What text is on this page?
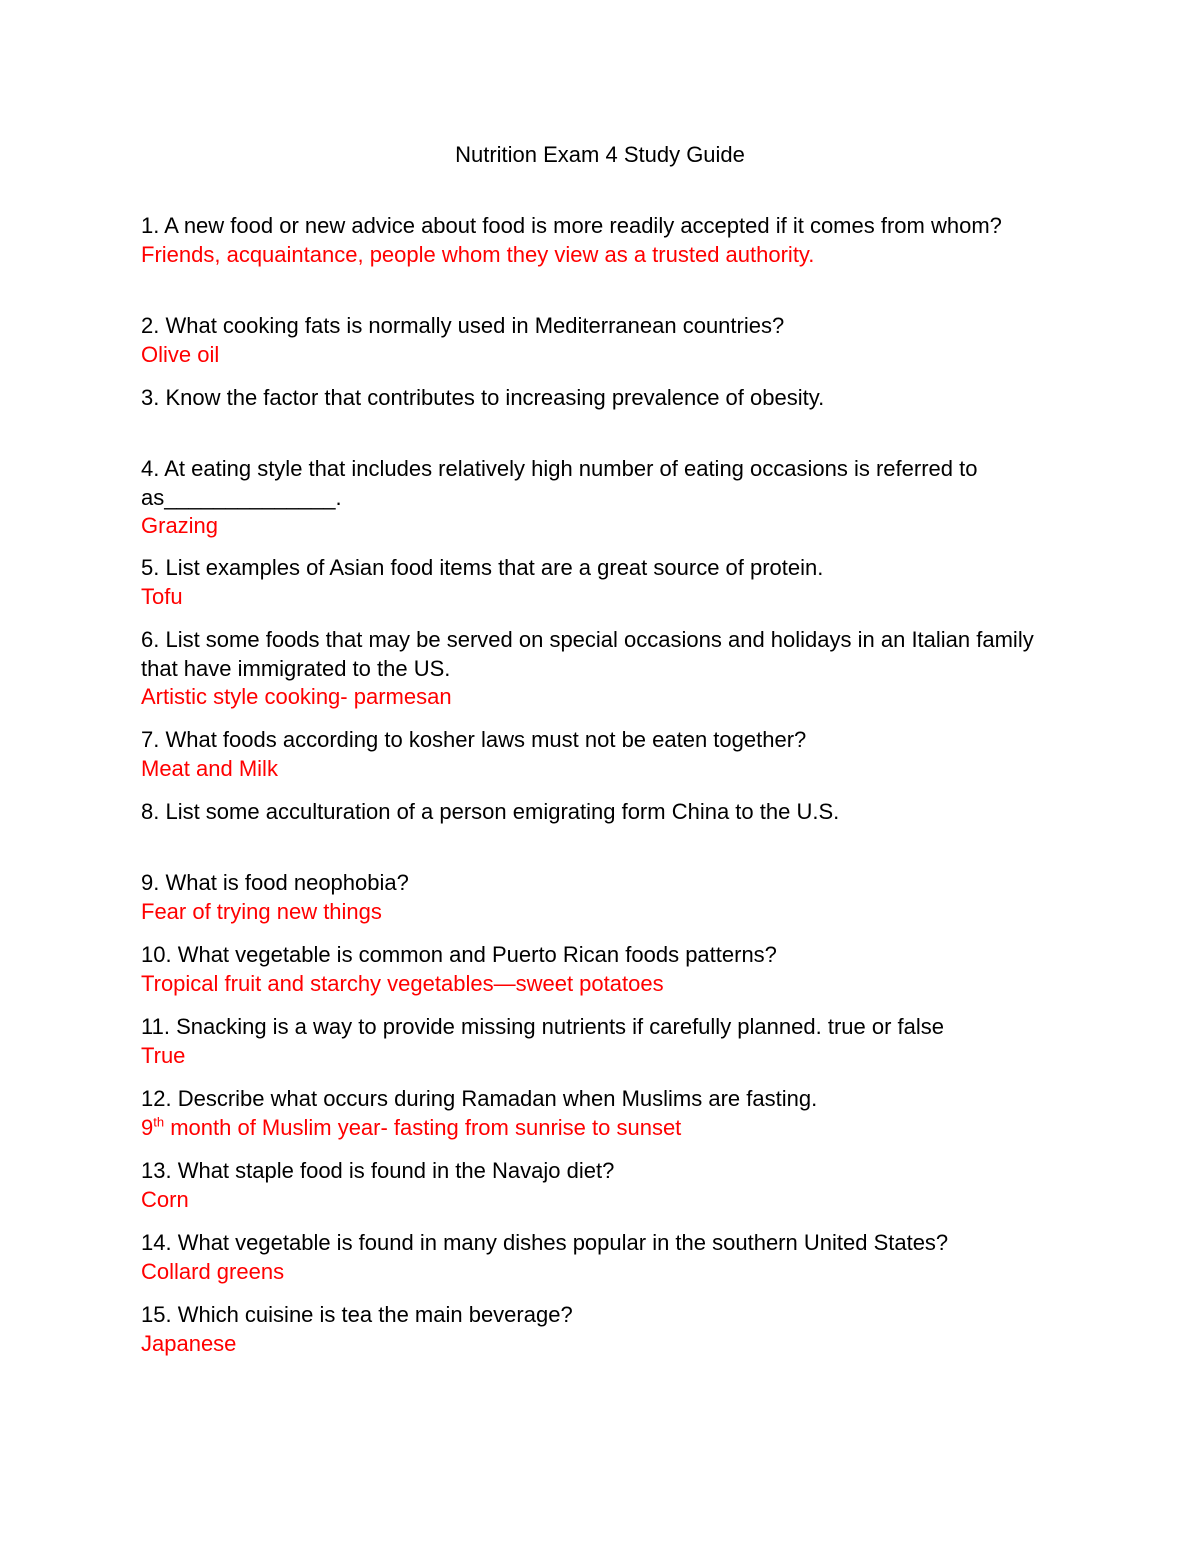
Nutrition Exam 4 Study Guide
1. A new food or new advice about food is more readily accepted if it comes from whom?
Friends, acquaintance, people whom they view as a trusted authority.
2. What cooking fats is normally used in Mediterranean countries?
Olive oil
3. Know the factor that contributes to increasing prevalence of obesity.
4. At eating style that includes relatively high number of eating occasions is referred to as______________.
Grazing
5. List examples of Asian food items that are a great source of protein.
Tofu
6. List some foods that may be served on special occasions and holidays in an Italian family that have immigrated to the US.
Artistic style cooking- parmesan
7. What foods according to kosher laws must not be eaten together?
Meat and Milk
8. List some acculturation of a person emigrating form China to the U.S.
9. What is food neophobia?
Fear of trying new things
10. What vegetable is common and Puerto Rican foods patterns?
Tropical fruit and starchy vegetables—sweet potatoes
11. Snacking is a way to provide missing nutrients if carefully planned. true or false
True
12. Describe what occurs during Ramadan when Muslims are fasting.
9th month of Muslim year- fasting from sunrise to sunset
13. What staple food is found in the Navajo diet?
Corn
14. What vegetable is found in many dishes popular in the southern United States?
Collard greens
15. Which cuisine is tea the main beverage?
Japanese
